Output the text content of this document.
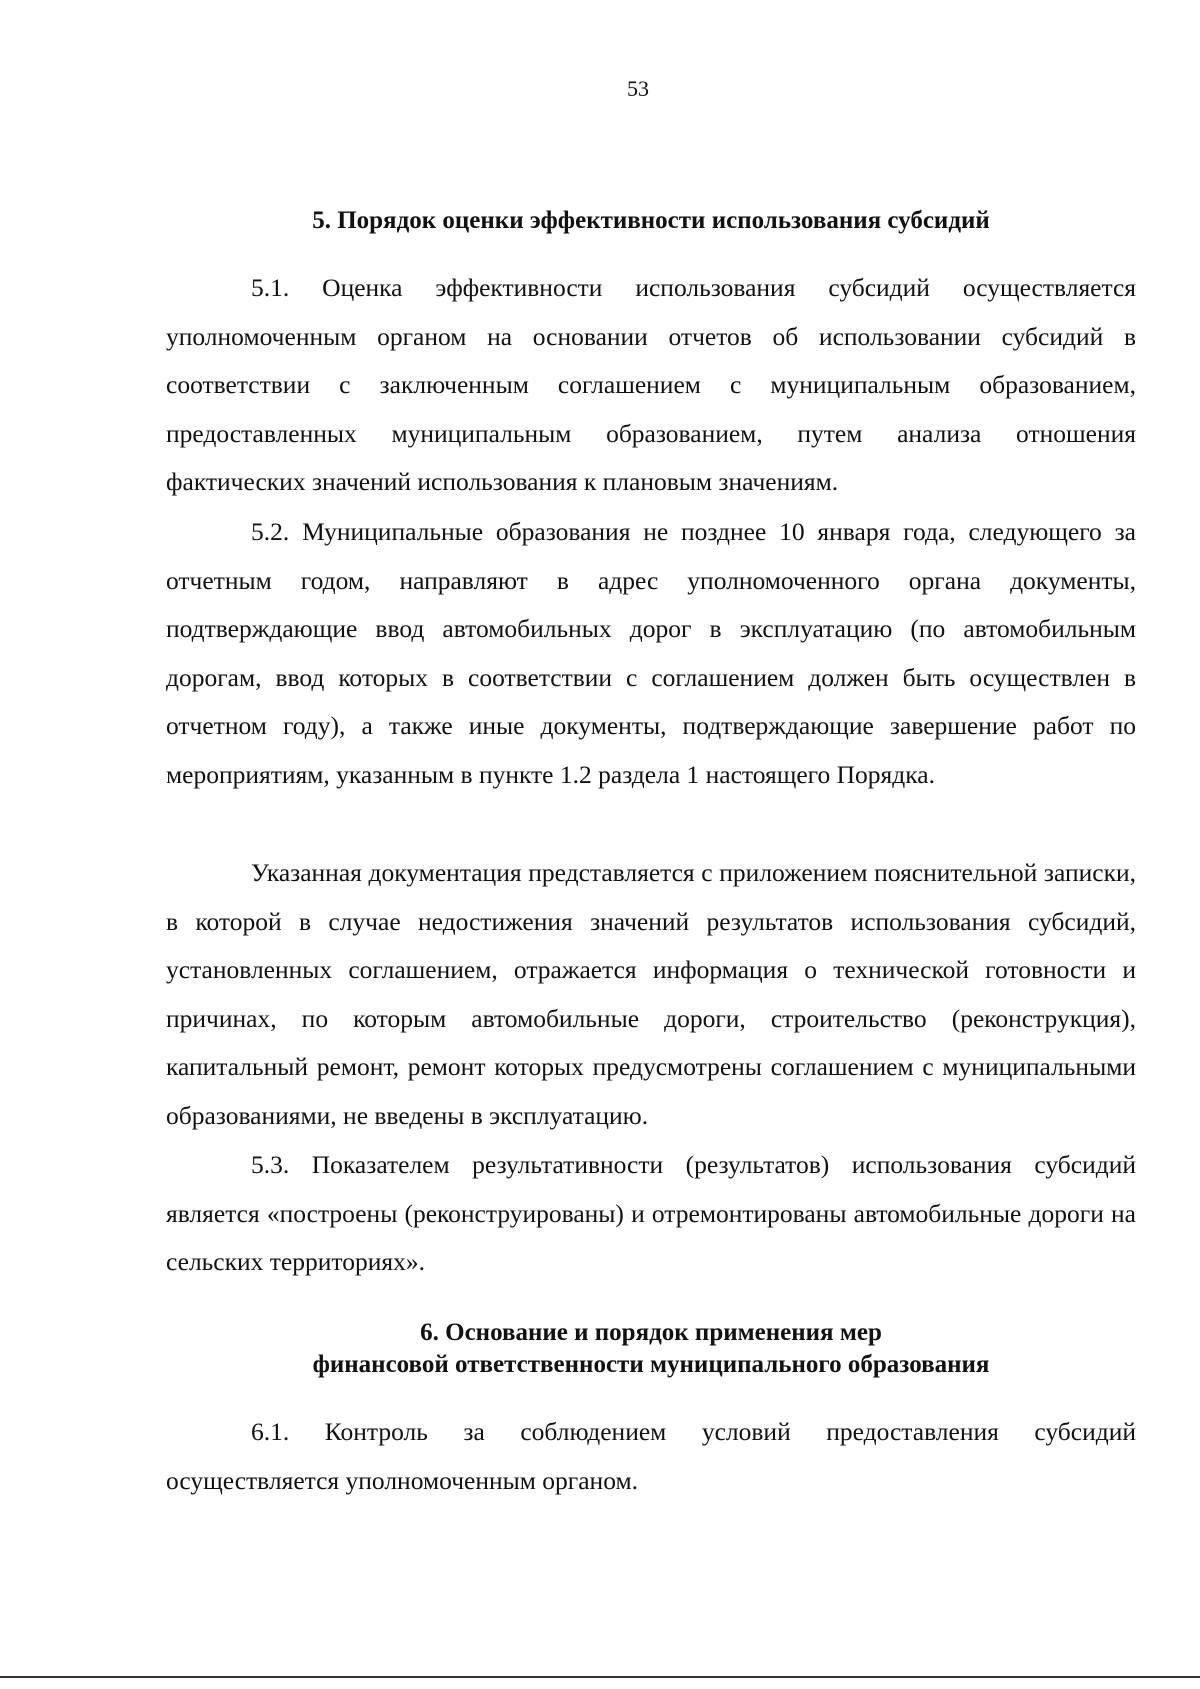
53
5. Порядок оценки эффективности использования субсидий

5.1. Оценка эффективности использования субсидий осуществляется уполномоченным органом на основании отчетов об использовании субсидий в соответствии с заключенным соглашением с муниципальным образованием, предоставленных муниципальным образованием, путем анализа отношения фактических значений использования к плановым значениям.

5.2. Муниципальные образования не позднее 10 января года, следующего за отчетным годом, направляют в адрес уполномоченного органа документы, подтверждающие ввод автомобильных дорог в эксплуатацию (по автомобильным дорогам, ввод которых в соответствии с соглашением должен быть осуществлен в отчетном году), а также иные документы, подтверждающие завершение работ по мероприятиям, указанным в пункте 1.2 раздела 1 настоящего Порядка.

Указанная документация представляется с приложением пояснительной записки, в которой в случае недостижения значений результатов использования субсидий, установленных соглашением, отражается информация о технической готовности и причинах, по которым автомобильные дороги, строительство (реконструкция), капитальный ремонт, ремонт которых предусмотрены соглашением с муниципальными образованиями, не введены в эксплуатацию.

5.3. Показателем результативности (результатов) использования субсидий является «построены (реконструированы) и отремонтированы автомобильные дороги на сельских территориях».

6. Основание и порядок применения мер
финансовой ответственности муниципального образования

6.1. Контроль за соблюдением условий предоставления субсидий осуществляется уполномоченным органом.
